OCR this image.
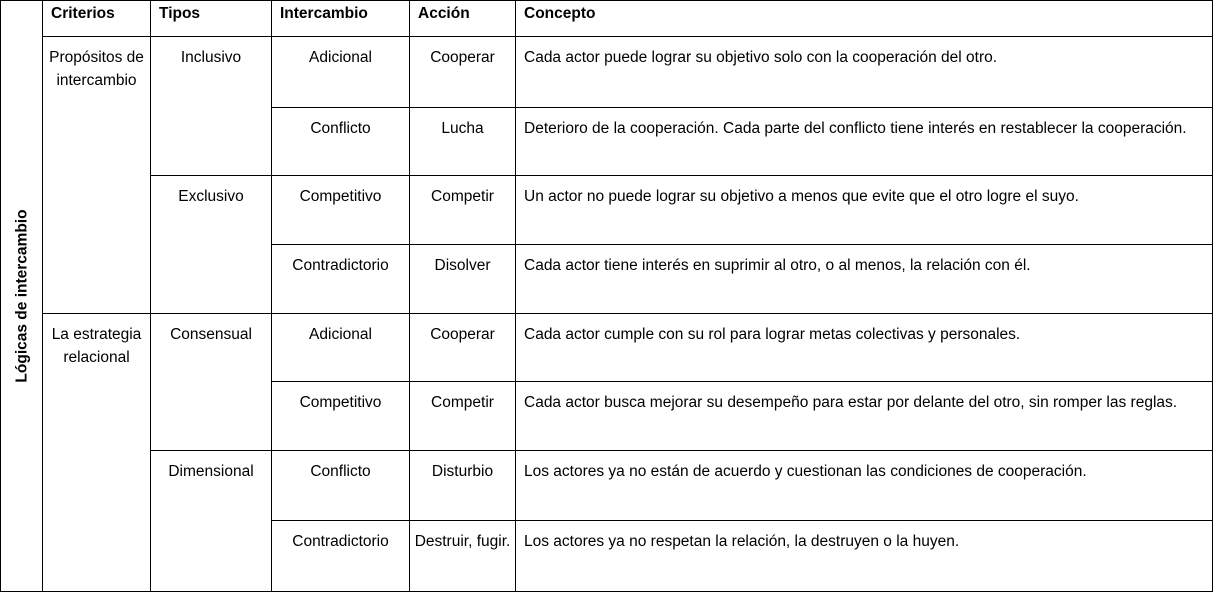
Lógicas de intercambio	Criterios	Tipos	Intercambio	Acción	Concepto
	Propósitos de intercambio	Inclusivo	Adicional	Cooperar	Cada actor puede lograr su objetivo solo con la cooperación del otro.
			Conflicto	Lucha	Deterioro de la cooperación. Cada parte del conflicto tiene interés en restablecer la cooperación.
		Exclusivo	Competitivo	Competir	Un actor no puede lograr su objetivo a menos que evite que el otro logre el suyo.
			Contradictorio	Disolver	Cada actor tiene interés en suprimir al otro, o al menos, la relación con él.
	La estrategia relacional	Consensual	Adicional	Cooperar	Cada actor cumple con su rol para lograr metas colectivas y personales.
			Competitivo	Competir	Cada actor busca mejorar su desempeño para estar por delante del otro, sin romper las reglas.
		Dimensional	Conflicto	Disturbio	Los actores ya no están de acuerdo y cuestionan las condiciones de cooperación.
			Contradictorio	Destruir, fugir.	Los actores ya no respetan la relación, la destruyen o la huyen.
